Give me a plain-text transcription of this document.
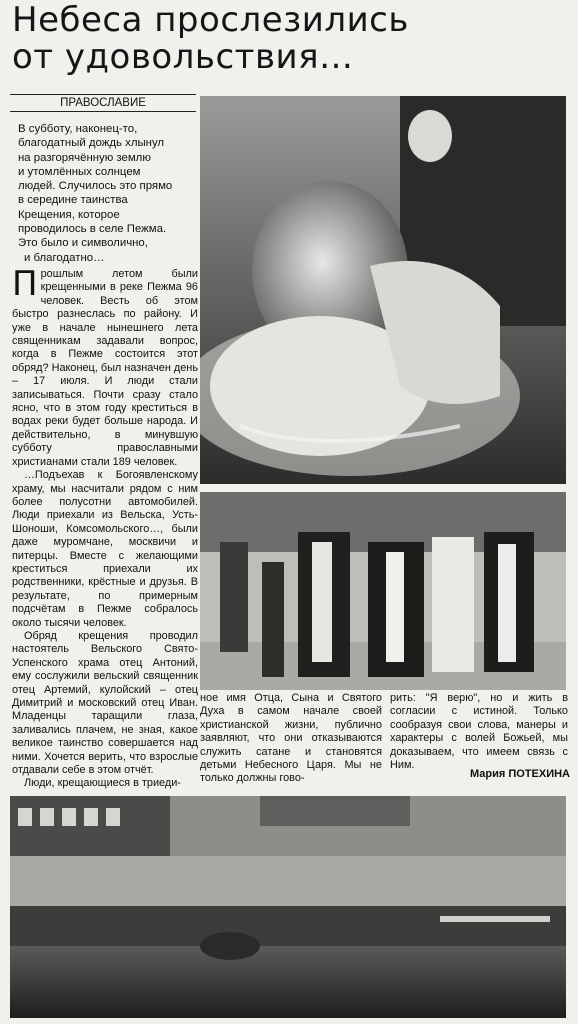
Небеса прослезились
от удовольствия…
ПРАВОСЛАВИЕ
В субботу, наконец-то,
благодатный дождь хлынул
на разгорячённую землю
и утомлённых солнцем
людей. Случилось это прямо
в середине таинства
Крещения, которое
проводилось в селе Пежма.
Это было и символично,
и благодатно…

Прошлым летом были крещенными в реке Пежма 96 человек. Весть об этом быстро разнеслась по району. И уже в начале нынешнего лета священникам задавали вопрос, когда в Пежме состоится этот обряд? Наконец, был назначен день – 17 июля. И люди стали записываться. Почти сразу стало ясно, что в этом году креститься в водах реки будет больше народа. И действительно, в минувшую субботу православными христианами стали 189 человек.

…Подъехав к Богоявленскому храму, мы насчитали рядом с ним более полусотни автомобилей. Люди приехали из Вельска, Усть-Шоноши, Комсомольского…, были даже муромчане, москвичи и питерцы. Вместе с желающими креститься приехали их родственники, крёстные и друзья. В результате, по примерным подсчётам в Пежме собралось около тысячи человек.

Обряд крещения проводил настоятель Вельского Свято-Успенского храма отец Антоний, ему сослужили вельский священник отец Артемий, кулойский – отец Димитрий и московский отец Иван. Младенцы таращили глаза, заливались плачем, не зная, какое великое таинство совершается над ними. Хочется верить, что взрослые отдавали себе в этом отчёт.

Люди, крещающиеся в триеди-

ное имя Отца, Сына и Святого Духа в самом начале своей христианской жизни, публично заявляют, что они отказываются служить сатане и становятся детьми Небесного Царя. Мы не только должны гово-

рить: "Я верю", но и жить в согласии с истиной. Только сообразуя свои слова, манеры и характеры с волей Божьей, мы доказываем, что имеем связь с Ним.

Мария ПОТЕХИНА
